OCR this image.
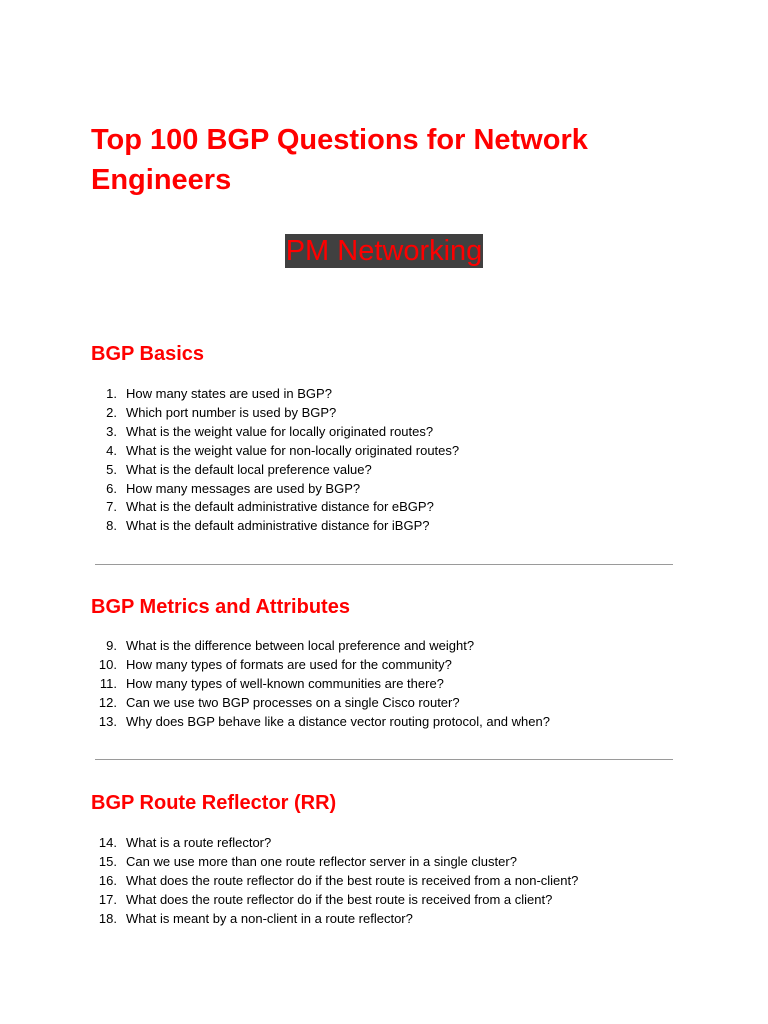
Top 100 BGP Questions for Network Engineers
PM Networking
BGP Basics
1. How many states are used in BGP?
2. Which port number is used by BGP?
3. What is the weight value for locally originated routes?
4. What is the weight value for non-locally originated routes?
5. What is the default local preference value?
6. How many messages are used by BGP?
7. What is the default administrative distance for eBGP?
8. What is the default administrative distance for iBGP?
BGP Metrics and Attributes
9. What is the difference between local preference and weight?
10. How many types of formats are used for the community?
11. How many types of well-known communities are there?
12. Can we use two BGP processes on a single Cisco router?
13. Why does BGP behave like a distance vector routing protocol, and when?
BGP Route Reflector (RR)
14. What is a route reflector?
15. Can we use more than one route reflector server in a single cluster?
16. What does the route reflector do if the best route is received from a non-client?
17. What does the route reflector do if the best route is received from a client?
18. What is meant by a non-client in a route reflector?
